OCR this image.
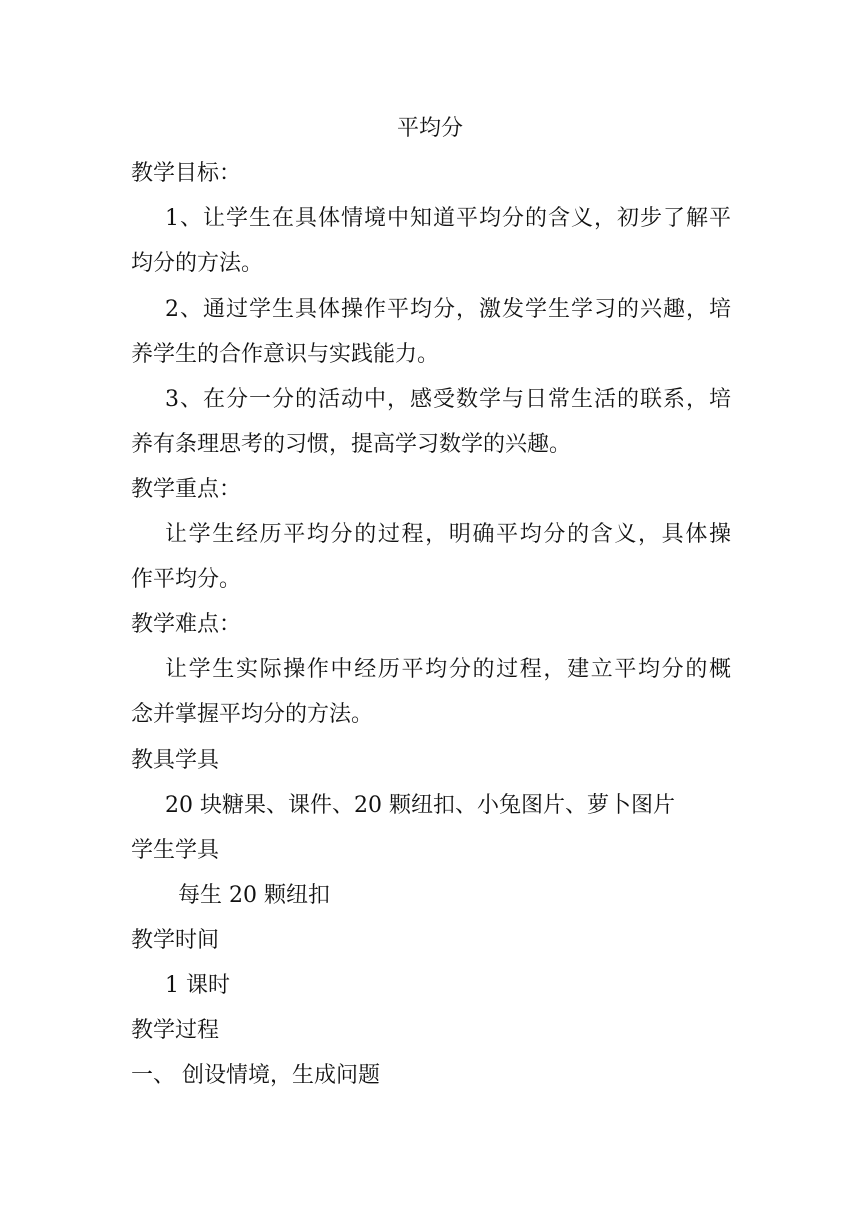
平均分
教学目标：
1、让学生在具体情境中知道平均分的含义，初步了解平
均分的方法。
2、通过学生具体操作平均分，激发学生学习的兴趣，培
养学生的合作意识与实践能力。
3、在分一分的活动中，感受数学与日常生活的联系，培
养有条理思考的习惯，提高学习数学的兴趣。
教学重点：
让学生经历平均分的过程，明确平均分的含义，具体操
作平均分。
教学难点：
让学生实际操作中经历平均分的过程，建立平均分的概
念并掌握平均分的方法。
教具学具
20 块糖果、课件、20 颗纽扣、小兔图片、萝卜图片
学生学具
每生 20 颗纽扣
教学时间
1 课时
教学过程
一、 创设情境，生成问题
